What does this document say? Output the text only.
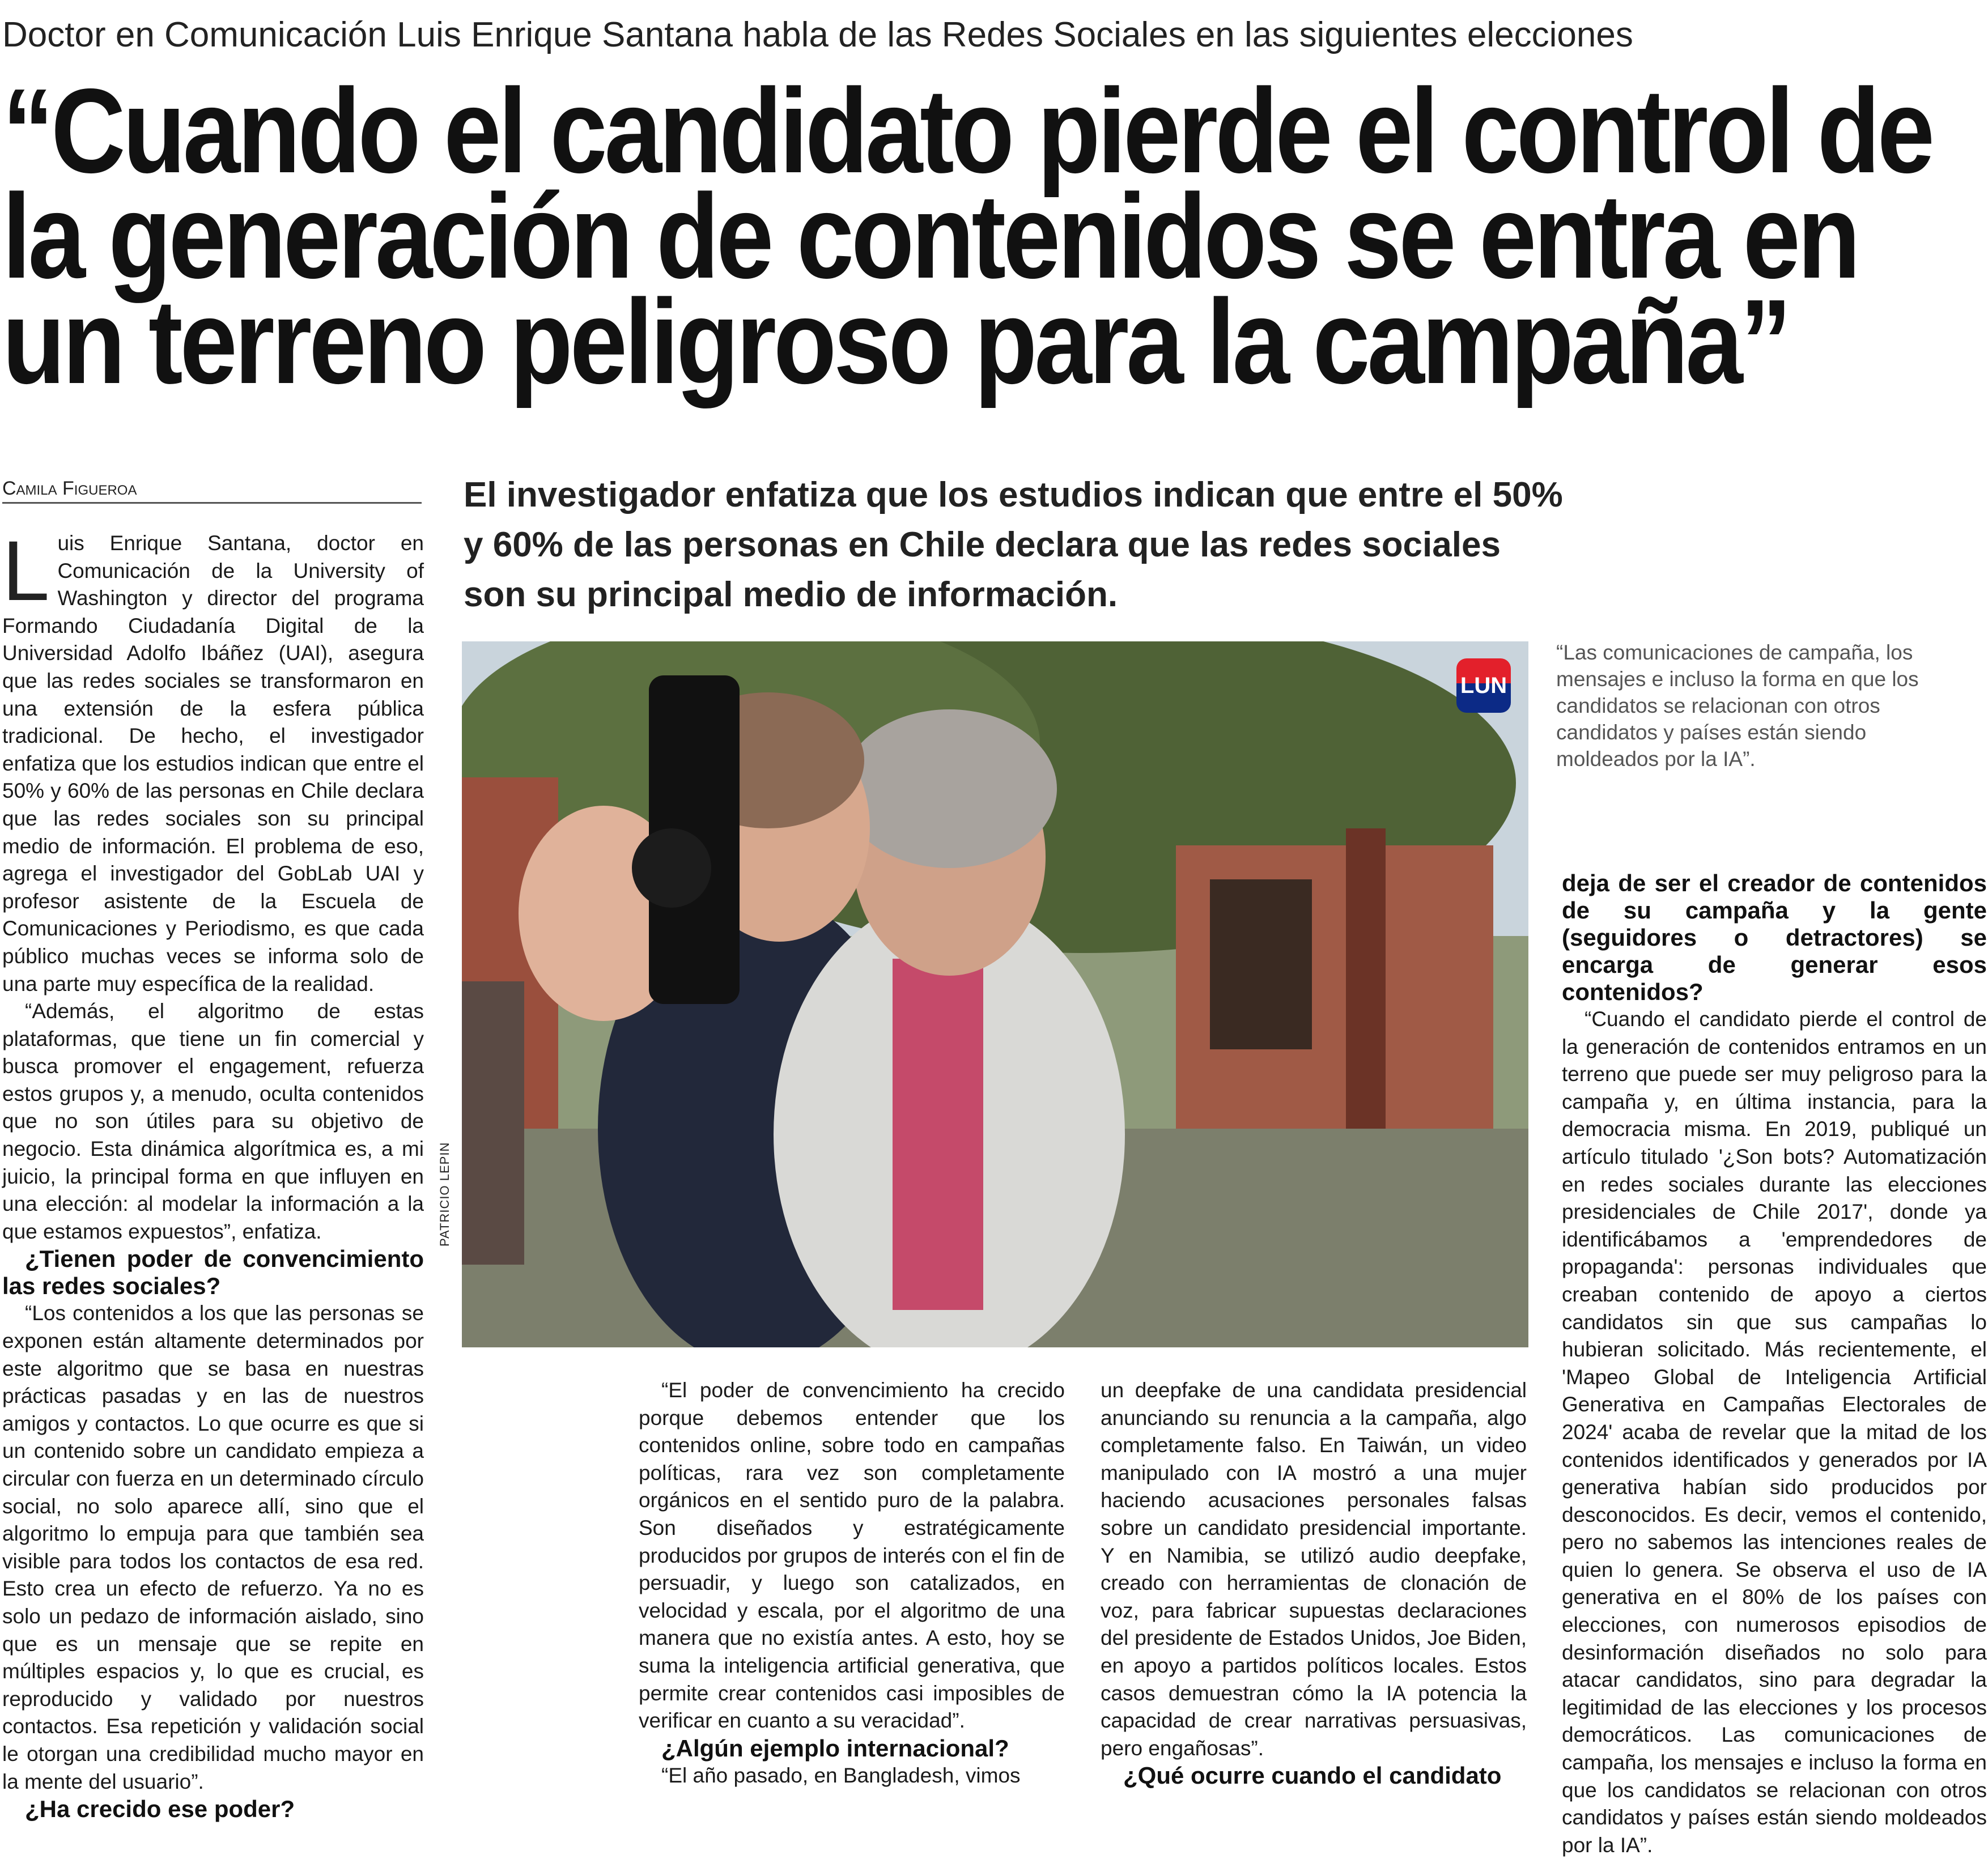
Doctor en Comunicación Luis Enrique Santana habla de las Redes Sociales en las siguientes elecciones
“Cuando el candidato pierde el control de
la generación de contenidos se entra en
un terreno peligroso para la campaña”
Camila Figueroa	El investigador enfatiza que los estudios indican que entre el 50% y 60% de las personas en Chile declara que las redes sociales son su principal medio de información.

Luis Enrique Santana, doctor en Comunicación de la University of Washington y director del programa Formando Ciudadanía Digital de la Universidad Adolfo Ibáñez (UAI), asegura que las redes sociales se transformaron en una extensión de la esfera pública tradicional. De hecho, el investigador enfatiza que los estudios indican que entre el 50% y 60% de las personas en Chile declara que las redes sociales son su principal medio de información. El problema de eso, agrega el investigador del GobLab UAI y profesor asistente de la Escuela de Comunicaciones y Periodismo, es que cada público muchas veces se informa solo de una parte muy específica de la realidad.

“Además, el algoritmo de estas plataformas, que tiene un fin comercial y busca promover el engagement, refuerza estos grupos y, a menudo, oculta contenidos que no son útiles para su objetivo de negocio. Esta dinámica algorítmica es, a mi juicio, la principal forma en que influyen en una elección: al modelar la información a la que estamos expuestos”, enfatiza.

¿Tienen poder de convencimiento las redes sociales?

“Los contenidos a los que las personas se exponen están altamente determinados por este algoritmo que se basa en nuestras prácticas pasadas y en las de nuestros amigos y contactos. Lo que ocurre es que si un contenido sobre un candidato empieza a circular con fuerza en un determinado círculo social, no solo aparece allí, sino que el algoritmo lo empuja para que también sea visible para todos los contactos de esa red. Esto crea un efecto de refuerzo. Ya no es solo un pedazo de información aislado, sino que es un mensaje que se repite en múltiples espacios y, lo que es crucial, es reproducido y validado por nuestros contactos. Esa repetición y validación social le otorgan una credibilidad mucho mayor en la mente del usuario”.

¿Ha crecido ese poder?

LUN
PATRICIO LEPIN
“Las comunicaciones de campaña, los mensajes e incluso la forma en que los candidatos se relacionan con otros candidatos y países están siendo moldeados por la IA”.

“El poder de convencimiento ha crecido porque debemos entender que los contenidos online, sobre todo en campañas políticas, rara vez son completamente orgánicos en el sentido puro de la palabra. Son diseñados y estratégicamente producidos por grupos de interés con el fin de persuadir, y luego son catalizados, en velocidad y escala, por el algoritmo de una manera que no existía antes. A esto, hoy se suma la inteligencia artificial generativa, que permite crear contenidos casi imposibles de verificar en cuanto a su veracidad”.

¿Algún ejemplo internacional?

“El año pasado, en Bangladesh, vimos

un deepfake de una candidata presidencial anunciando su renuncia a la campaña, algo completamente falso. En Taiwán, un video manipulado con IA mostró a una mujer haciendo acusaciones personales falsas sobre un candidato presidencial importante. Y en Namibia, se utilizó audio deepfake, creado con herramientas de clonación de voz, para fabricar supuestas declaraciones del presidente de Estados Unidos, Joe Biden, en apoyo a partidos políticos locales. Estos casos demuestran cómo la IA potencia la capacidad de crear narrativas persuasivas, pero engañosas”.

¿Qué ocurre cuando el candidato

deja de ser el creador de contenidos de su campaña y la gente (seguidores o detractores) se encarga de generar esos contenidos?

“Cuando el candidato pierde el control de la generación de contenidos entramos en un terreno que puede ser muy peligroso para la campaña y, en última instancia, para la democracia misma. En 2019, publiqué un artículo titulado '¿Son bots? Automatización en redes sociales durante las elecciones presidenciales de Chile 2017', donde ya identificábamos a 'emprendedores de propaganda': personas individuales que creaban contenido de apoyo a ciertos candidatos sin que sus campañas lo hubieran solicitado. Más recientemente, el 'Mapeo Global de Inteligencia Artificial Generativa en Campañas Electorales de 2024' acaba de revelar que la mitad de los contenidos identificados y generados por IA generativa habían sido producidos por desconocidos. Es decir, vemos el contenido, pero no sabemos las intenciones reales de quien lo genera. Se observa el uso de IA generativa en el 80% de los países con elecciones, con numerosos episodios de desinformación diseñados no solo para atacar candidatos, sino para degradar la legitimidad de las elecciones y los procesos democráticos. Las comunicaciones de campaña, los mensajes e incluso la forma en que los candidatos se relacionan con otros candidatos y países están siendo moldeados por la IA”.
